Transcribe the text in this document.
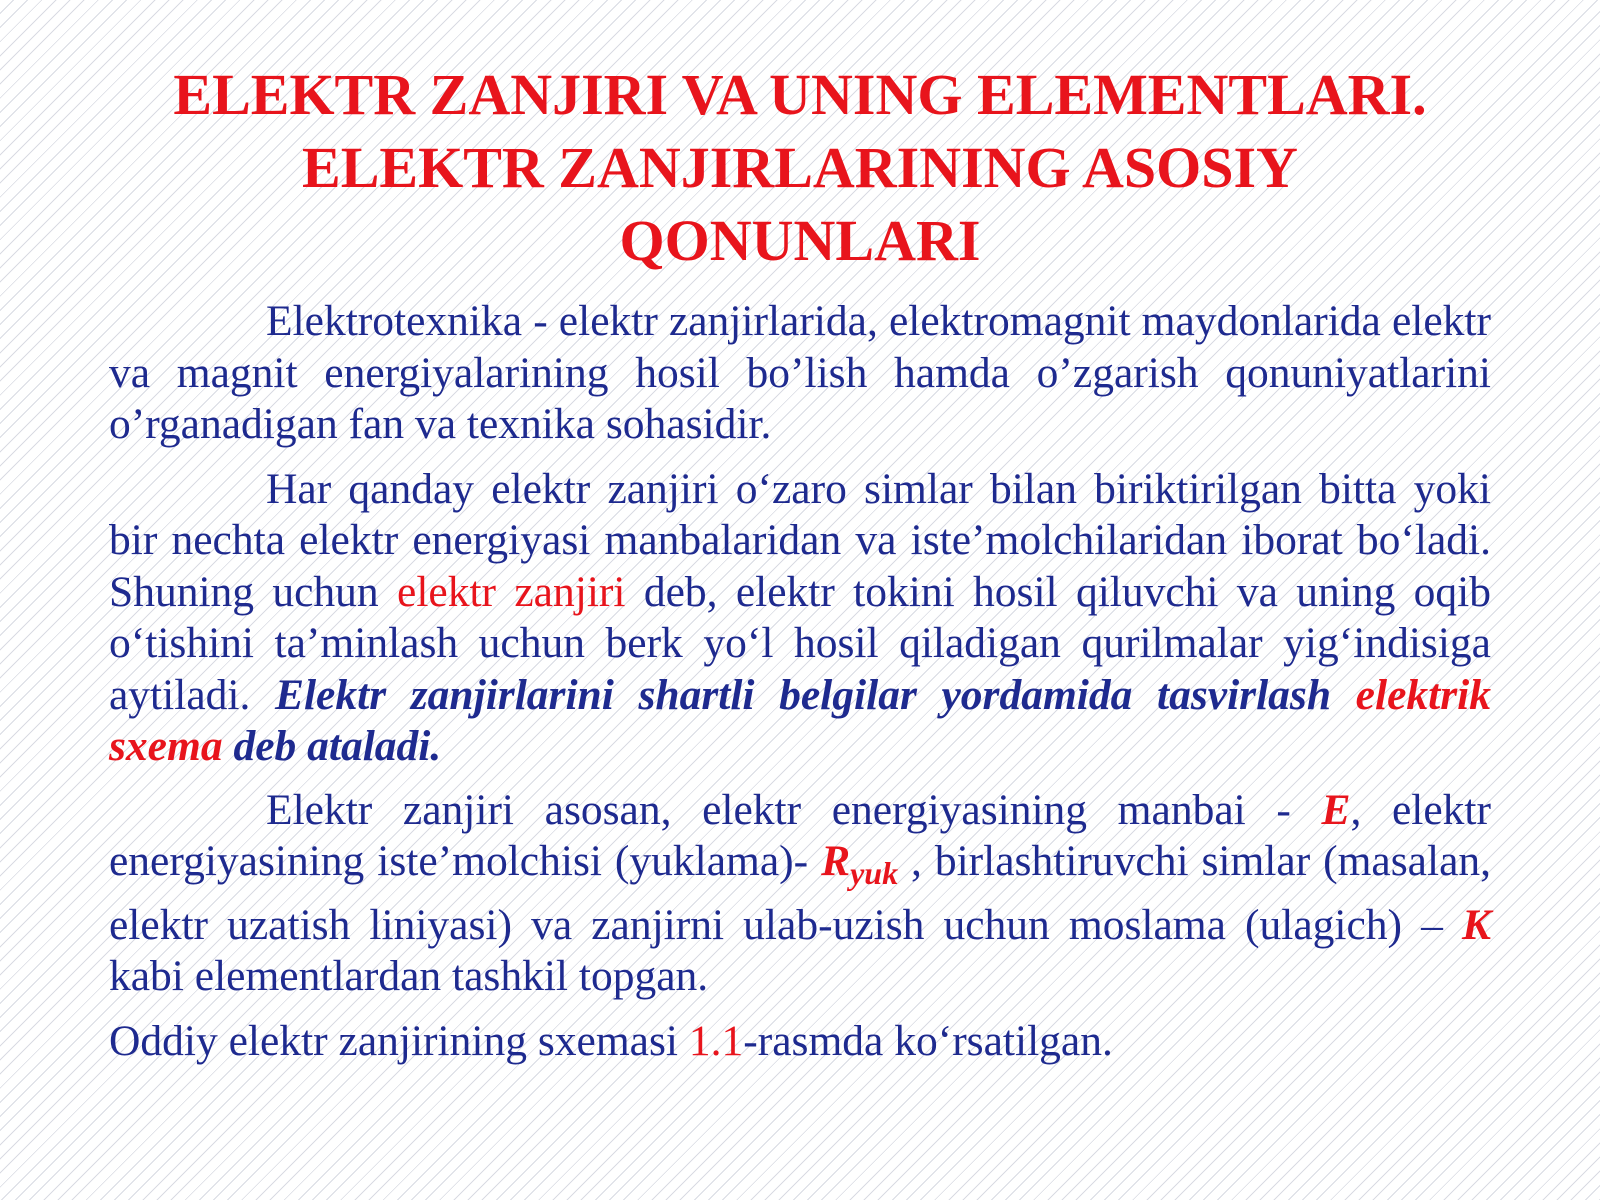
ELEKTR ZANJIRI VA UNING ELEMENTLARI.
ELEKTR ZANJIRLARINING ASOSIY
QONUNLARI

Elektrotexnika - elektr zanjirlarida, elektromagnit maydonlarida elektr va magnit energiyalarining hosil bo’lish hamda o’zgarish qonuniyatlarini o’rganadigan fan va texnika sohasidir.

Har qanday elektr zanjiri o‘zaro simlar bilan biriktirilgan bitta yoki bir nechta elektr energiyasi manbalaridan va iste’molchilaridan iborat bo‘ladi. Shuning uchun elektr zanjiri deb, elektr tokini hosil qiluvchi va uning oqib o‘tishini ta’minlash uchun berk yo‘l hosil qiladigan qurilmalar yig‘indisiga aytiladi. Elektr zanjirlarini shartli belgilar yordamida tasvirlash elektrik sxema deb ataladi.

Elektr zanjiri asosan, elektr energiyasining manbai - E, elektr energiyasining iste’molchisi (yuklama)- $R_{yuk}$ , birlashtiruvchi simlar (masalan, elektr uzatish liniyasi) va zanjirni ulab-uzish uchun moslama (ulagich) – K kabi elementlardan tashkil topgan.

Oddiy elektr zanjirining sxemasi 1.1-rasmda ko‘rsatilgan.
